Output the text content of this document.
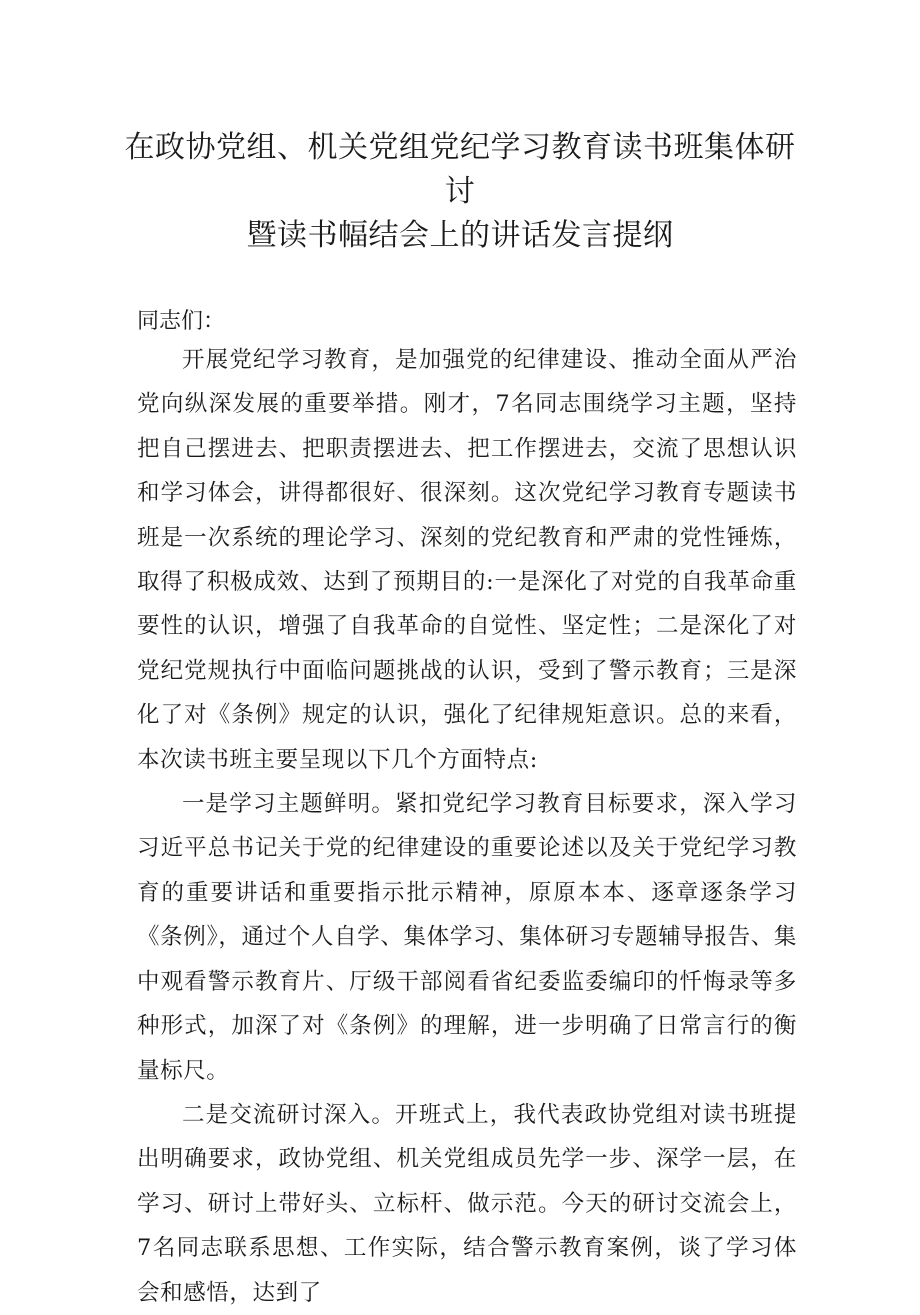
在政协党组、机关党组党纪学习教育读书班集体研讨
暨读书幅结会上的讲话发言提纲

同志们：

开展党纪学习教育，是加强党的纪律建设、推动全面从严治党向纵深发展的重要举措。刚才，7名同志围绕学习主题，坚持把自己摆进去、把职责摆进去、把工作摆进去，交流了思想认识和学习体会，讲得都很好、很深刻。这次党纪学习教育专题读书班是一次系统的理论学习、深刻的党纪教育和严肃的党性锤炼，取得了积极成效、达到了预期目的:一是深化了对党的自我革命重要性的认识，增强了自我革命的自觉性、坚定性；二是深化了对党纪党规执行中面临问题挑战的认识，受到了警示教育；三是深化了对《条例》规定的认识，强化了纪律规矩意识。总的来看，本次读书班主要呈现以下几个方面特点:

一是学习主题鲜明。紧扣党纪学习教育目标要求，深入学习习近平总书记关于党的纪律建设的重要论述以及关于党纪学习教育的重要讲话和重要指示批示精神，原原本本、逐章逐条学习《条例》，通过个人自学、集体学习、集体研习专题辅导报告、集中观看警示教育片、厅级干部阅看省纪委监委编印的忏悔录等多种形式，加深了对《条例》的理解，进一步明确了日常言行的衡量标尺。

二是交流研讨深入。开班式上，我代表政协党组对读书班提出明确要求，政协党组、机关党组成员先学一步、深学一层，在学习、研讨上带好头、立标杆、做示范。今天的研讨交流会上，7名同志联系思想、工作实际，结合警示教育案例，谈了学习体会和感悟，达到了
